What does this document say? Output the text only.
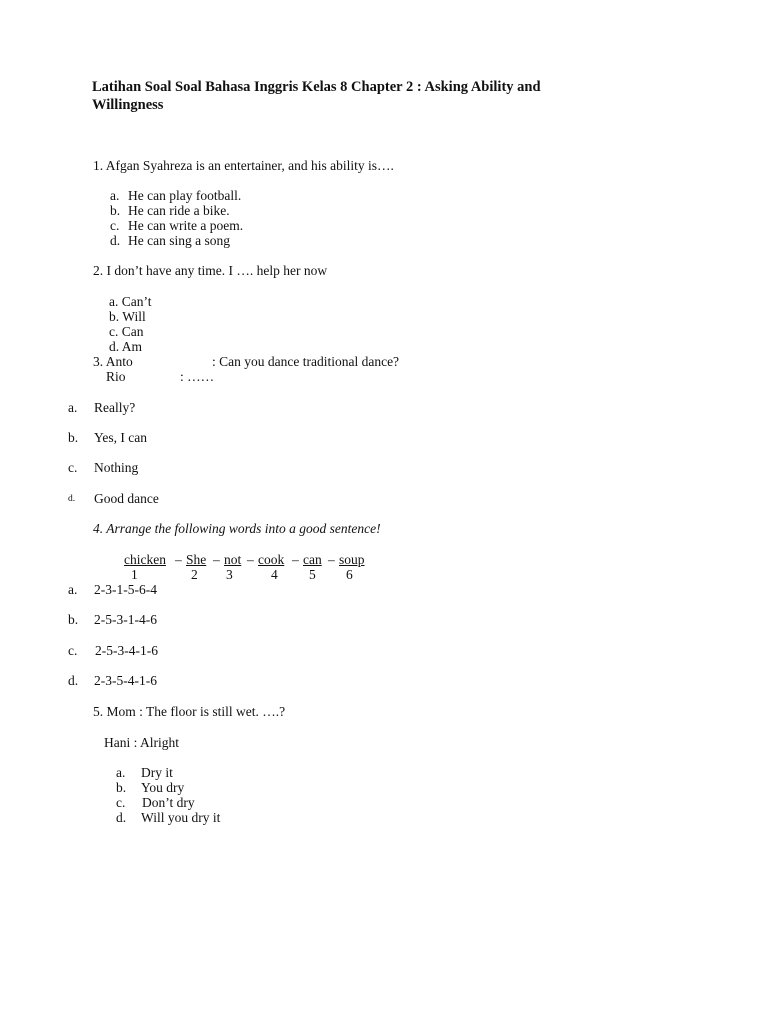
Latihan Soal Soal Bahasa Inggris Kelas 8 Chapter 2 : Asking Ability and
Willingness
1. Afgan Syahreza is an entertainer, and his ability is….
a. He can play football.
b. He can ride a bike.
c. He can write a poem.
d. He can sing a song
2. I don’t have any time. I …. help her now
a. Can’t
b. Will
c. Can
d. Am
3. Anto	: Can you dance traditional dance?
Rio	: ……
a. Really?
b. Yes, I can
c. Nothing
d. Good dance
4. Arrange the following words into a good sentence!
chicken – She – not – cook – can – soup
1	2 3	4 5 6
a. 2-3-1-5-6-4
b. 2-5-3-1-4-6
c. 2-5-3-4-1-6
d. 2-3-5-4-1-6
5. Mom : The floor is still wet. ….?
Hani : Alright
a. Dry it
b. You dry
c. Don’t dry
d. Will you dry it
